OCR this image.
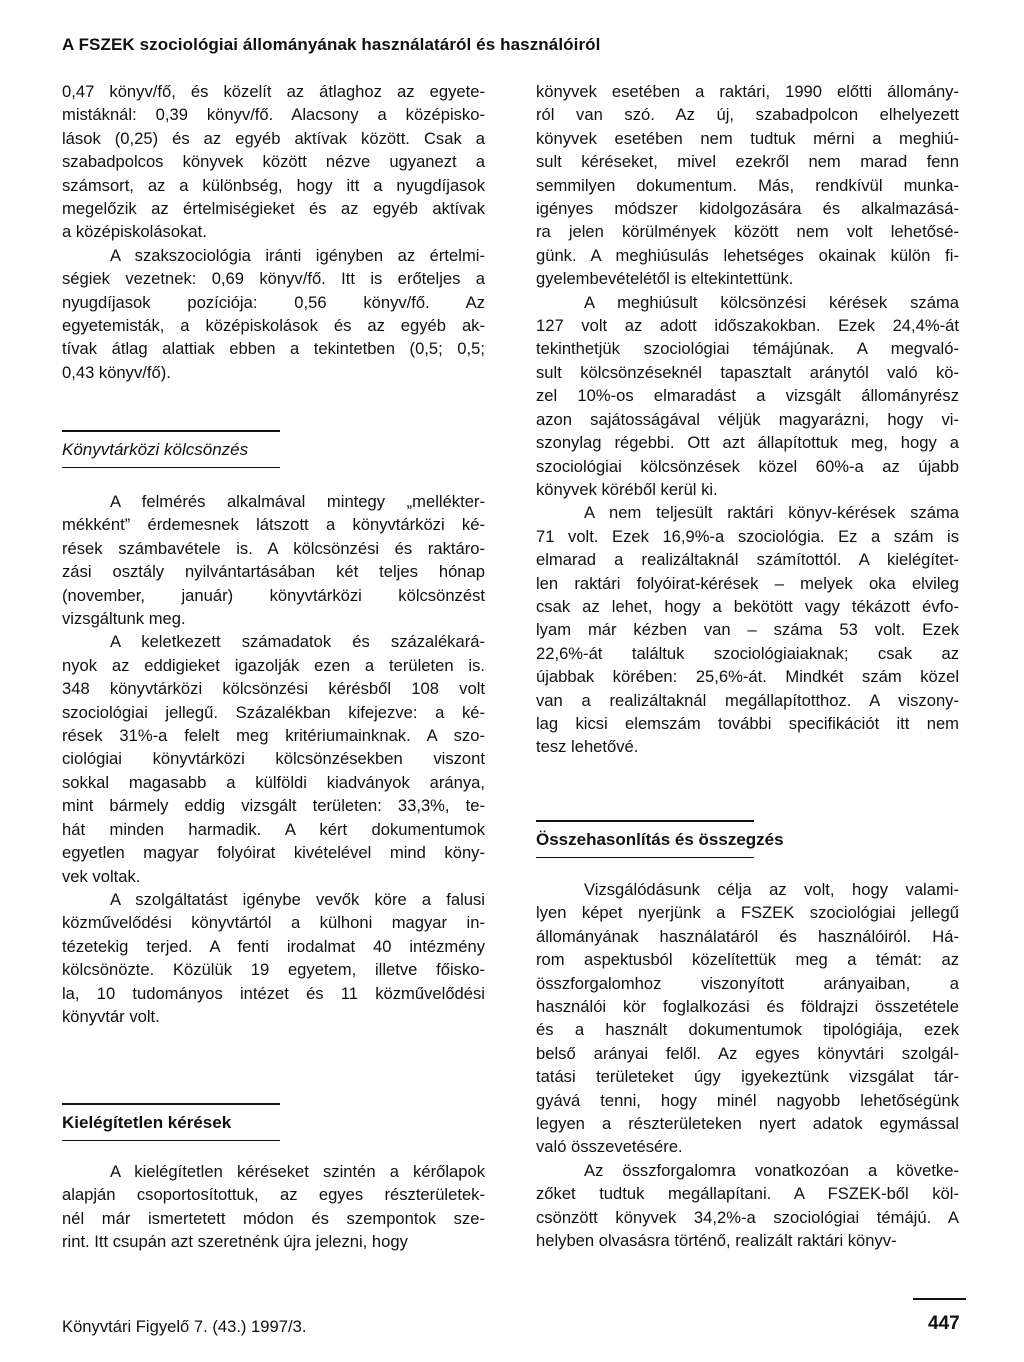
A FSZEK szociológiai állományának használatáról és használóiról
0,47 könyv/fő, és közelít az átlaghoz az egyete-
mistáknál: 0,39 könyv/fő. Alacsony a középisko-
lások (0,25) és az egyéb aktívak között. Csak a
szabadpolcos könyvek között nézve ugyanezt a
számsort, az a különbség, hogy itt a nyugdíjasok
megelőzik az értelmiségieket és az egyéb aktívak
a középiskolásokat.
A szakszociológia iránti igényben az értelmi-
ségiek vezetnek: 0,69 könyv/fő. Itt is erőteljes a
nyugdíjasok pozíciója: 0,56 könyv/fő. Az
egyetemisták, a középiskolások és az egyéb ak-
tívak átlag alattiak ebben a tekintetben (0,5; 0,5;
0,43 könyv/fő).
Könyvtárközi kölcsönzés
A felmérés alkalmával mintegy „mellékter-
mékként” érdemesnek látszott a könyvtárközi ké-
rések számbavétele is. A kölcsönzési és raktáro-
zási osztály nyilvántartásában két teljes hónap
(november, január) könyvtárközi kölcsönzést
vizsgáltunk meg.
A keletkezett számadatok és százalékará-
nyok az eddigieket igazolják ezen a területen is.
348 könyvtárközi kölcsönzési kérésből 108 volt
szociológiai jellegű. Százalékban kifejezve: a ké-
rések 31%-a felelt meg kritériumainknak. A szo-
ciológiai könyvtárközi kölcsönzésekben viszont
sokkal magasabb a külföldi kiadványok aránya,
mint bármely eddig vizsgált területen: 33,3%, te-
hát minden harmadik. A kért dokumentumok
egyetlen magyar folyóirat kivételével mind köny-
vek voltak.
A szolgáltatást igénybe vevők köre a falusi
közművelődési könyvtártól a külhoni magyar in-
tézetekig terjed. A fenti irodalmat 40 intézmény
kölcsönözte. Közülük 19 egyetem, illetve főisko-
la, 10 tudományos intézet és 11 közművelődési
könyvtár volt.
Kielégítetlen kérések
A kielégítetlen kéréseket szintén a kérőlapok
alapján csoportosítottuk, az egyes részterületek-
nél már ismertetett módon és szempontok sze-
rint. Itt csupán azt szeretnénk újra jelezni, hogy
könyvek esetében a raktári, 1990 előtti állomány-
ról van szó. Az új, szabadpolcon elhelyezett
könyvek esetében nem tudtuk mérni a meghiú-
sult kéréseket, mivel ezekről nem marad fenn
semmilyen dokumentum. Más, rendkívül munka-
igényes módszer kidolgozására és alkalmazásá-
ra jelen körülmények között nem volt lehetősé-
günk. A meghiúsulás lehetséges okainak külön fi-
gyelembevételétől is eltekintettünk.
A meghiúsult kölcsönzési kérések száma
127 volt az adott időszakokban. Ezek 24,4%-át
tekinthetjük szociológiai témájúnak. A megvaló-
sult kölcsönzéseknél tapasztalt aránytól való kö-
zel 10%-os elmaradást a vizsgált állományrész
azon sajátosságával véljük magyarázni, hogy vi-
szonylag régebbi. Ott azt állapítottuk meg, hogy a
szociológiai kölcsönzések közel 60%-a az újabb
könyvek köréből kerül ki.
A nem teljesült raktári könyv-kérések száma
71 volt. Ezek 16,9%-a szociológia. Ez a szám is
elmarad a realizáltaknál számítottól. A kielégítet-
len raktári folyóirat-kérések – melyek oka elvileg
csak az lehet, hogy a bekötött vagy tékázott évfo-
lyam már kézben van – száma 53 volt. Ezek
22,6%-át találtuk szociológiaiaknak; csak az
újabbak körében: 25,6%-át. Mindkét szám közel
van a realizáltaknál megállapítotthoz. A viszony-
lag kicsi elemszám további specifikációt itt nem
tesz lehetővé.
Összehasonlítás és összegzés
Vizsgálódásunk célja az volt, hogy valami-
lyen képet nyerjünk a FSZEK szociológiai jellegű
állományának használatáról és használóiról. Há-
rom aspektusból közelítettük meg a témát: az
összforgalomhoz viszonyított arányaiban, a
használói kör foglalkozási és földrajzi összetétele
és a használt dokumentumok tipológiája, ezek
belső arányai felől. Az egyes könyvtári szolgál-
tatási területeket úgy igyekeztünk vizsgálat tár-
gyává tenni, hogy minél nagyobb lehetőségünk
legyen a részterületeken nyert adatok egymással
való összevetésére.
Az összforgalomra vonatkozóan a követke-
zőket tudtuk megállapítani. A FSZEK-ből köl-
csönzött könyvek 34,2%-a szociológiai témájú. A
helyben olvasásra történő, realizált raktári könyv-
Könyvtári Figyelő 7. (43.) 1997/3.	447
